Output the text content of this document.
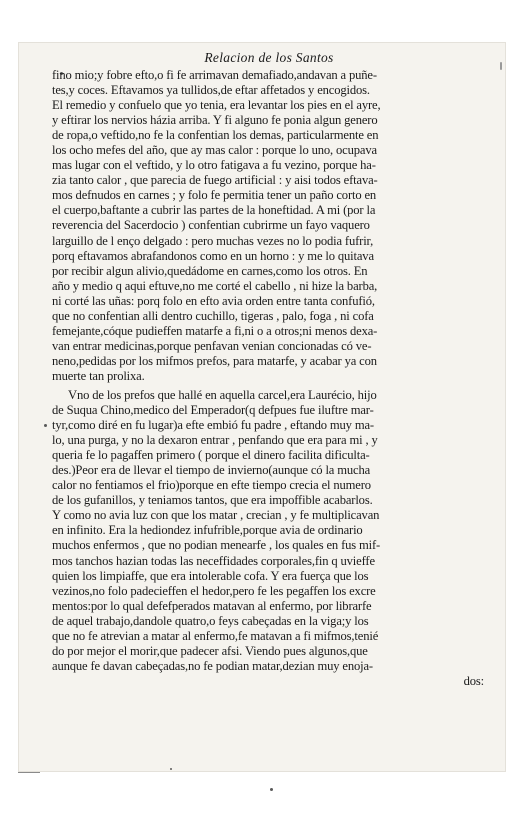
Relacion de los Santos
fino mio;y fobre efto,o fi fe arrimavan demafiado,andavan a puñe-
tes,y coces. Eftavamos ya tullidos,de eftar affetados y encogidos.
El remedio y confuelo que yo tenia, era levantar los pies en el ayre,
y eftirar los nervios házia arriba. Y fi alguno fe ponia algun genero
de ropa,o veftido,no fe la confentian los demas, particularmente en
los ocho mefes del año, que ay mas calor : porque lo uno, ocupava
mas lugar con el veftido, y lo otro fatigava a fu vezino, porque ha-
zia tanto calor , que parecia de fuego artificial : y aisi todos eftava-
mos defnudos en carnes ; y folo fe permitia tener un paño corto en
el cuerpo,baftante a cubrir las partes de la honeftidad. A mi (por la
reverencia del Sacerdocio ) confentian cubrirme un fayo vaquero
larguillo de l enço delgado : pero muchas vezes no lo podia fufrir,
porq eftavamos abrafandonos como en un horno : y me lo quitava
por recibir algun alivio,quedádome en carnes,como los otros. En
año y medio q aqui eftuve,no me corté el cabello , ni hize la barba,
ni corté las uñas: porq folo en efto avia orden entre tanta confufió,
que no confentian alli dentro cuchillo, tigeras , palo, foga , ni cofa
femejante,cóque pudieffen matarfe a fi,ni o a otros;ni menos dexa-
van entrar medicinas,porque penfavan venian concionadas có ve-
neno,pedidas por los mifmos prefos, para matarfe, y acabar ya con
muerte tan prolixa.
Vno de los prefos que hallé en aquella carcel,era Laurécio, hijo
de Suqua Chino,medico del Emperador(q defpues fue iluftre mar-
tyr,como diré en fu lugar)a efte embió fu padre , eftando muy ma-
lo, una purga, y no la dexaron entrar , penfando que era para mi , y
queria fe lo pagaffen primero ( porque el dinero facilita dificulta-
des.)Peor era de llevar el tiempo de invierno(aunque có la mucha
calor no fentiamos el frio)porque en efte tiempo crecia el numero
de los gufanillos, y teniamos tantos, que era impoffible acabarlos.
Y como no avia luz con que los matar , crecian , y fe multiplicavan
en infinito. Era la hediondez infufrible,porque avia de ordinario
muchos enfermos , que no podian menearfe , los quales en fus mif-
mos tanchos hazian todas las neceffidades corporales,fin q uvieffe
quien los limpiaffe, que era intolerable cofa. Y era fuerça que los
vezinos,no folo padecieffen el hedor,pero fe les pegaffen los excre
mentos:por lo qual defefperados matavan al enfermo, por librarfe
de aquel trabajo,dandole quatro,o feys cabeçadas en la viga;y los
que no fe atrevian a matar al enfermo,fe matavan a fi mifmos,tenié
do por mejor el morir,que padecer afsi. Viendo pues algunos,que
aunque fe davan cabeçadas,no fe podian matar,dezian muy enoja-
dos:
